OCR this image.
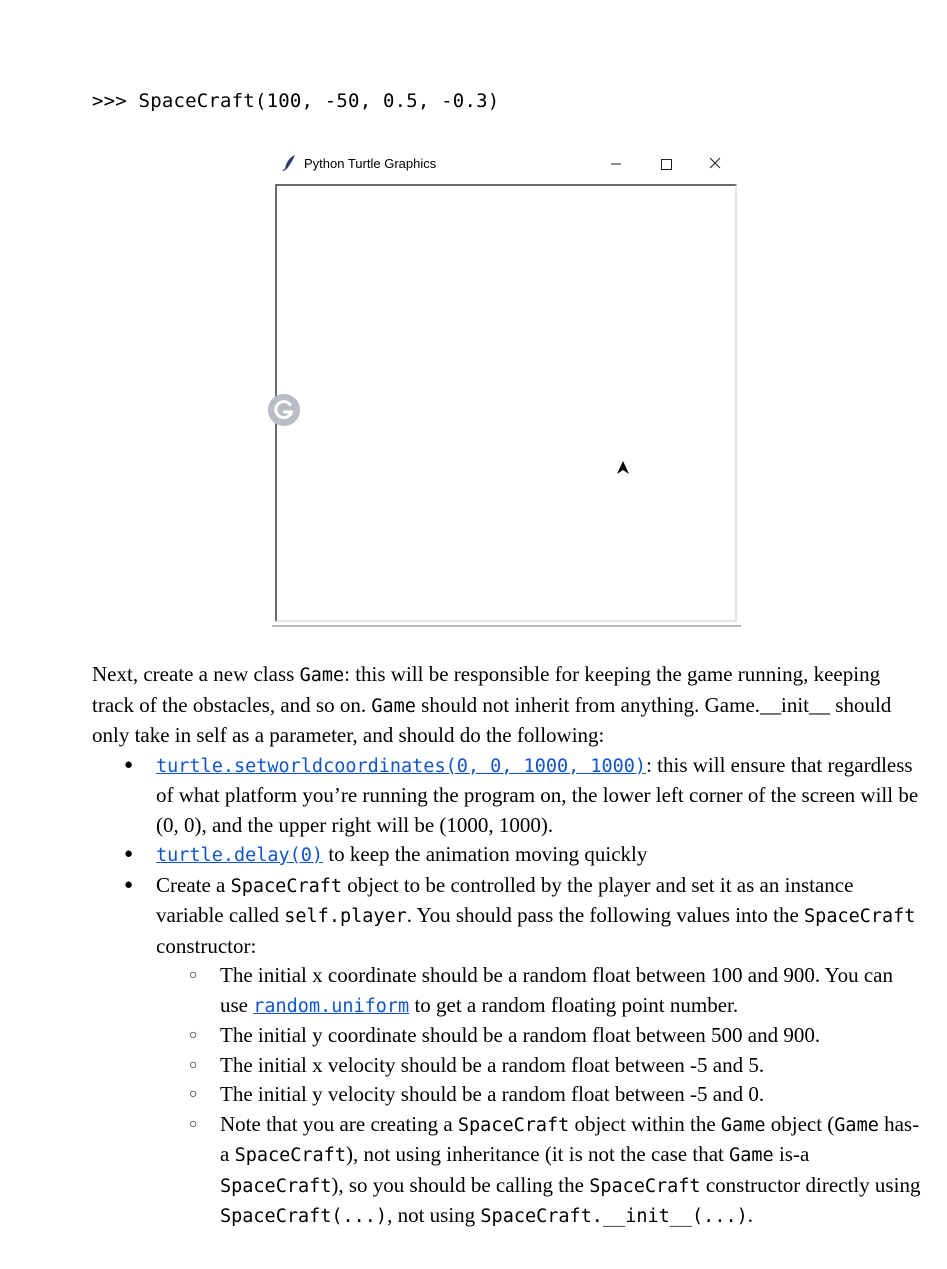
>>> SpaceCraft(100, -50, 0.5, -0.3)
Python Turtle Graphics

Next, create a new class Game: this will be responsible for keeping the game running, keeping track of the obstacles, and so on. Game should not inherit from anything. Game.__init__ should only take in self as a parameter, and should do the following:

● turtle.setworldcoordinates(0, 0, 1000, 1000): this will ensure that regardless of what platform you’re running the program on, the lower left corner of the screen will be (0, 0), and the upper right will be (1000, 1000).
● turtle.delay(0) to keep the animation moving quickly
● Create a SpaceCraft object to be controlled by the player and set it as an instance variable called self.player. You should pass the following values into the SpaceCraft constructor:
○ The initial x coordinate should be a random float between 100 and 900. You can use random.uniform to get a random floating point number.
○ The initial y coordinate should be a random float between 500 and 900.
○ The initial x velocity should be a random float between -5 and 5.
○ The initial y velocity should be a random float between -5 and 0.
○ Note that you are creating a SpaceCraft object within the Game object (Game has-a SpaceCraft), not using inheritance (it is not the case that Game is-a SpaceCraft), so you should be calling the SpaceCraft constructor directly using SpaceCraft(...), not using SpaceCraft.__init__(...).
